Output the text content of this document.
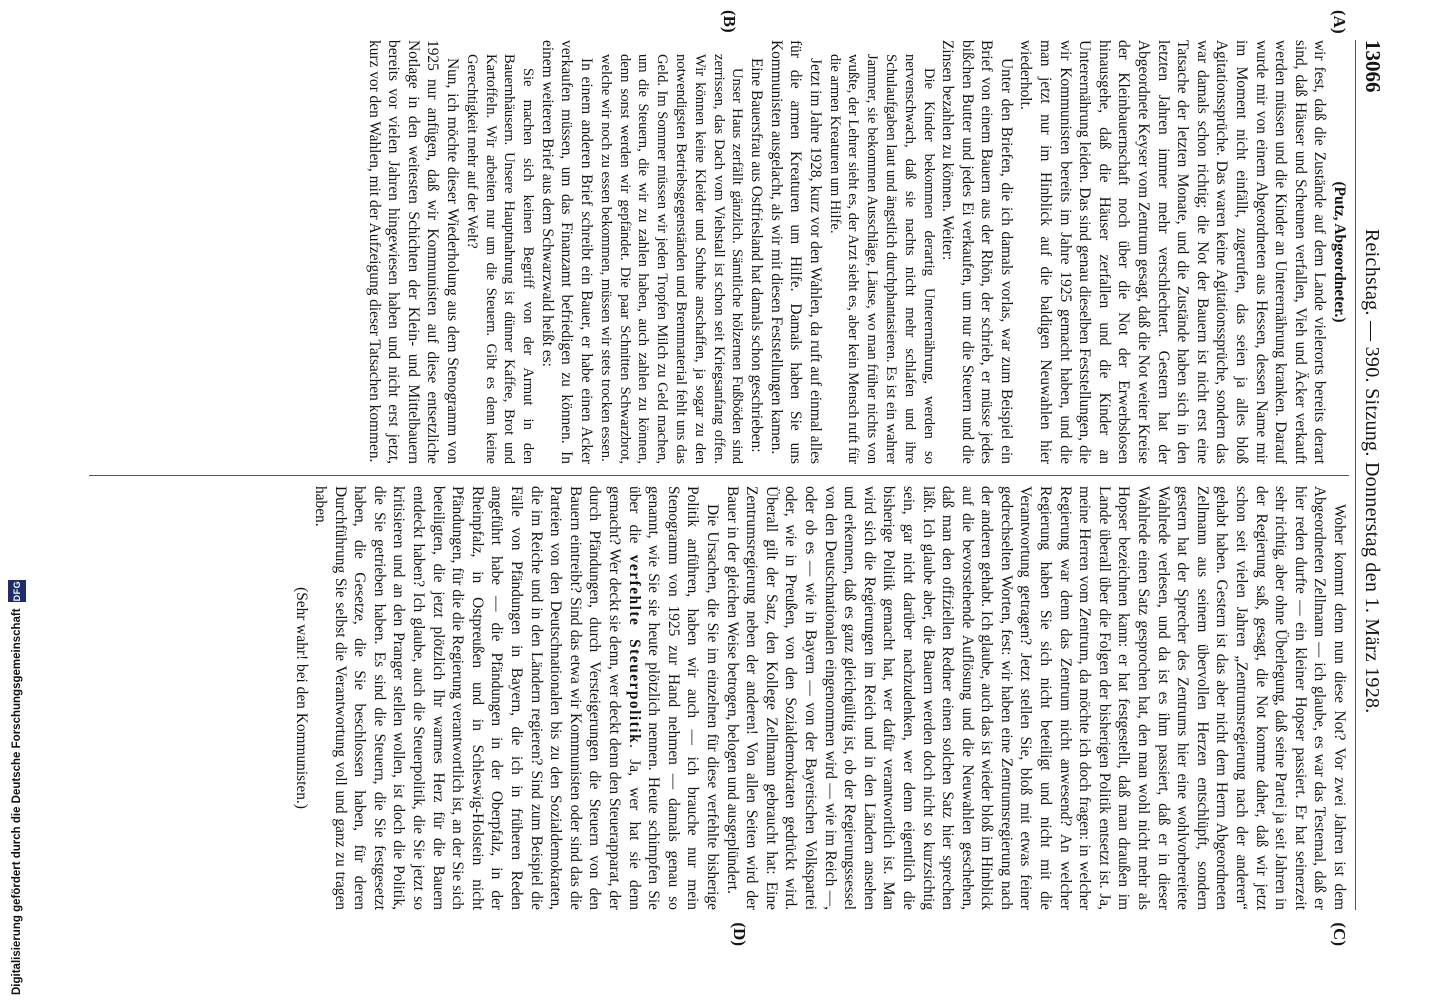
13066
Reichstag. — 390. Sitzung. Donnerstag den 1. März 1928.

(Putz, Abgeordneter.)

wir fest, daß die Zustände auf dem Lande vielerorts bereits derart sind, daß Häuser und Scheunen verfallen, Vieh und Äcker verkauft werden müssen und die Kinder an Unterernährung kranken. Darauf wurde mir von einem Abgeordneten aus Hessen, dessen Name mir im Moment nicht einfällt, zugerufen, das seien ja alles bloß Agitationssprüche. Das waren keine Agitationssprüche, sondern das war damals schon richtig; die Not der Bauern ist nicht erst eine Tatsache der letzten Monate, und die Zustände haben sich in den letzten Jahren immer mehr verschlechtert. Gestern hat der Abgeordnete Keyser vom Zentrum gesagt, daß die Not weiter Kreise der Kleinbauernschaft noch über die Not der Erwerbslosen hinausgehe, daß die Häuser zerfallen und die Kinder an Unterernährung leiden. Das sind genau dieselben Feststellungen, die wir Kommunisten bereits im Jahre 1925 gemacht haben, und die man jetzt nur im Hinblick auf die baldigen Neuwahlen hier wiederholt.

Unter den Briefen, die ich damals vorlas, war zum Beispiel ein Brief von einem Bauern aus der Rhön, der schrieb, er müsse jedes bißchen Butter und jedes Ei verkaufen, um nur die Steuern und die Zinsen bezahlen zu können. Weiter:

Die Kinder bekommen derartig Unterernährung, werden so nervenschwach, daß sie nachts nicht mehr schlafen und ihre Schulaufgaben laut und ängstlich durchphantasieren. Es ist ein wahrer Jammer, sie bekommen Ausschläge, Läuse, wo man früher nichts von wußte, der Lehrer sieht es, der Arzt sieht es, aber kein Mensch ruft für die armen Kreaturen um Hilfe.

Jetzt im Jahre 1928, kurz vor den Wahlen, da ruft auf einmal alles für die armen Kreaturen um Hilfe. Damals haben Sie uns Kommunisten ausgelacht, als wir mit diesen Feststellungen kamen.

Eine Bauersfrau aus Ostfriesland hat damals schon geschrieben:

Unser Haus zerfällt gänzlich. Sämtliche hölzernen Fußböden sind zerrissen, das Dach vom Viehstall ist schon seit Kriegsanfang offen. Wir können keine Kleider und Schuhe anschaffen, ja sogar zu den notwendigsten Betriebsgegenständen und Brennmaterial fehlt uns das Geld. Im Sommer müssen wir jeden Tropfen Milch zu Geld machen, um die Steuern, die wir zu zahlen haben, auch zahlen zu können, denn sonst werden wir gepfändet. Die paar Schnitten Schwarzbrot, welche wir noch zu essen bekommen, müssen wir stets trocken essen.

In einem anderen Brief schreibt ein Bauer, er habe einen Acker verkaufen müssen, um das Finanzamt befriedigen zu können. In einem weiteren Brief aus dem Schwarzwald heißt es:

Sie machen sich keinen Begriff von der Armut in den Bauernhäusern. Unsere Hauptnahrung ist dünner Kaffee, Brot und Kartoffeln. Wir arbeiten nur um die Steuern. Gibt es denn keine Gerechtigkeit mehr auf der Welt?

Nun, ich möchte dieser Wiederholung aus dem Stenogramm von 1925 nur anfügen, daß wir Kommunisten auf diese entsetzliche Notlage in den weitesten Schichten der Klein- und Mittelbauern bereits vor vielen Jahren hingewiesen haben und nicht erst jetzt, kurz vor den Wahlen, mit der Aufzeigung dieser Tatsachen kommen.

Woher kommt denn nun diese Not? Vor zwei Jahren ist dem Abgeordneten Zellmann — ich glaube, es war das Testemal, daß er hier reden durfte — ein kleiner Hopser passiert. Er hat seinerzeit sehr richtig, aber ohne Überlegung, daß seine Partei ja seit Jahren in der Regierung saß, gesagt, die Not komme daher, daß wir jetzt schon seit vielen Jahren „Zentrumsregierung nach der anderen“ gehabt haben. Gestern ist das aber nicht dem Herrn Abgeordneten Zellmann aus seinem übervollen Herzen entschlüpft, sondern gestern hat der Sprecher des Zentrums hier eine wohlvorbereitete Wahlrede verlesen, und da ist es ihm passiert, daß er in dieser Wahlrede einen Satz gesprochen hat, den man wohl nicht mehr als Hopser bezeichnen kann: er hat festgestellt, daß man draußen im Lande überall über die Folgen der bisherigen Politik entsetzt ist. Ja, meine Herren vom Zentrum, da möchte ich doch fragen: in welcher Regierung war denn das Zentrum nicht anwesend? An welcher Regierung haben Sie sich nicht beteiligt und nicht mit die Verantwortung getragen? Jetzt stellen Sie, bloß mit etwas feiner gedrechselten Worten, fest: wir haben eine Zentrumsregierung nach der anderen gehabt. Ich glaube, auch das ist wieder bloß im Hinblick auf die bevorstehende Auflösung und die Neuwahlen geschehen, daß man den offiziellen Redner einen solchen Satz hier sprechen läßt. Ich glaube aber, die Bauern werden doch nicht so kurzsichtig sein, gar nicht darüber nachzudenken, wer denn eigentlich die bisherige Politik gemacht hat, wer dafür verantwortlich ist. Man wird sich die Regierungen im Reich und in den Ländern ansehen und erkennen, daß es ganz gleichgültig ist, ob der Regierungssessel von den Deutschnationalen eingenommen wird — wie im Reich —, oder ob es — wie in Bayern — von der Bayerischen Volkspartei oder, wie in Preußen, von den Sozialdemokraten gedrückt wird. Überall gilt der Satz, den Kollege Zellmann gebraucht hat: Eine Zentrumsregierung neben der anderen! Von allen Seiten wird der Bauer in der gleichen Weise betrogen, belogen und ausgeplündert.

Die Ursachen, die Sie im einzelnen für diese verfehlte bisherige Politik anführen, haben wir auch — ich brauche nur mein Stenogramm von 1925 zur Hand nehmen — damals genau so genannt, wie Sie sie heute plötzlich nennen. Heute schimpfen Sie über die verfehlte Steuerpolitik. Ja, wer hat sie denn gemacht? Wer deckt sie denn, wer deckt denn den Steuerapparat, der durch Pfändungen, durch Versteigerungen die Steuern von den Bauern eintreibt? Sind das etwa wir Kommunisten oder sind das die Parteien von den Deutschnationalen bis zu den Sozialdemokraten, die im Reiche und in den Ländern regieren? Sind zum Beispiel die Fälle von Pfändungen in Bayern, die ich in früheren Reden angeführt habe — die Pfändungen in der Oberpfalz, in der Rheinpfalz, in Ostpreußen und in Schleswig-Holstein nicht Pfändungen, für die die Regierung verantwortlich ist, an der Sie sich beteiligten, die jetzt plötzlich Ihr warmes Herz für die Bauern entdeckt haben? Ich glaube, auch die Steuerpolitik, die Sie jetzt so kritisieren und an den Pranger stellen wollen, ist doch die Politik, die Sie getrieben haben. Es sind die Steuern, die Sie festgesetzt haben, die Gesetze, die Sie beschlossen haben, für deren Durchführung Sie selbst die Verantwortung voll und ganz zu tragen haben.

(Sehr wahr! bei den Kommunisten.)

(A)
(B)
(C)
(D)
Digitalisierung gefördert durch die Deutsche Forschungsgemeinschaft
DFG
